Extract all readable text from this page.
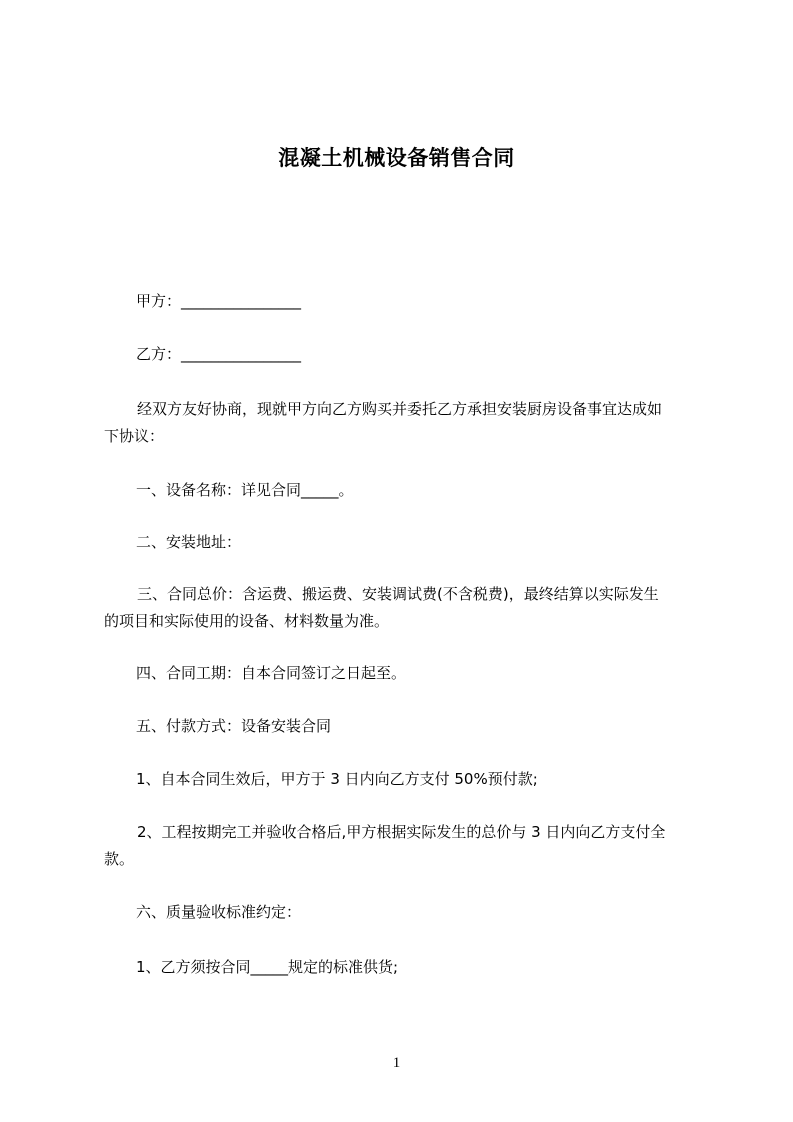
混凝土机械设备销售合同
甲方：________________
乙方：________________
经双方友好协商，现就甲方向乙方购买并委托乙方承担安装厨房设备事宜达成如
下协议：
一、设备名称：详见合同_____。
二、安装地址：
三、合同总价：含运费、搬运费、安装调试费(不含税费)，最终结算以实际发生
的项目和实际使用的设备、材料数量为准。
四、合同工期：自本合同签订之日起至。
五、付款方式：设备安装合同
1、自本合同生效后，甲方于 3 日内向乙方支付 50%预付款;
2、工程按期完工并验收合格后,甲方根据实际发生的总价与 3 日内向乙方支付全
款。
六、质量验收标准约定：
1、乙方须按合同_____规定的标准供货;
1
